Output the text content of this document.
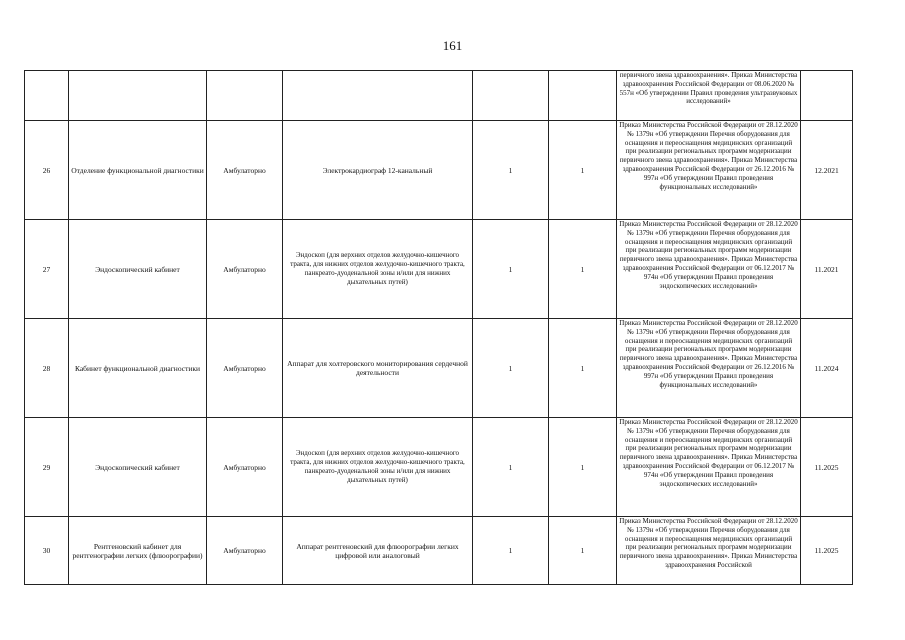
161
						первичного звена здравоохранения». Приказ Министерства здравоохранения Российской Федерации от 08.06.2020 № 557н «Об утверждении Правил проведения ультразвуковых исследований»	
26	Отделение функциональной диагностики	Амбулаторно	Электрокардиограф 12-канальный	1	1	Приказ Министерства Российской Федерации от 28.12.2020 № 1379н «Об утверждении Перечня оборудования для оснащения и переоснащения медицинских организаций при реализации региональных программ модернизации первичного звена здравоохранения». Приказ Министерства здравоохранения Российской Федерации от 26.12.2016 № 997н «Об утверждении Правил проведения функциональных исследований»	12.2021
27	Эндоскопический кабинет	Амбулаторно	Эндоскоп (для верхних отделов желудочно-кишечного тракта, для нижних отделов желудочно-кишечного тракта, панкреато-дуоденальной зоны и/или для нижних дыхательных путей)	1	1	Приказ Министерства Российской Федерации от 28.12.2020 № 1379н «Об утверждении Перечня оборудования для оснащения и переоснащения медицинских организаций при реализации региональных программ модернизации первичного звена здравоохранения». Приказ Министерства здравоохранения Российской Федерации от 06.12.2017 № 974н «Об утверждении Правил проведения эндоскопических исследований»	11.2021
28	Кабинет функциональной диагностики	Амбулаторно	Аппарат для холтеровского мониторирования сердечной деятельности	1	1	Приказ Министерства Российской Федерации от 28.12.2020 № 1379н «Об утверждении Перечня оборудования для оснащения и переоснащения медицинских организаций при реализации региональных программ модернизации первичного звена здравоохранения». Приказ Министерства здравоохранения Российской Федерации от 26.12.2016 № 997н «Об утверждении Правил проведения функциональных исследований»	11.2024
29	Эндоскопический кабинет	Амбулаторно	Эндоскоп (для верхних отделов желудочно-кишечного тракта, для нижних отделов желудочно-кишечного тракта, панкреато-дуоденальной зоны и/или для нижних дыхательных путей)	1	1	Приказ Министерства Российской Федерации от 28.12.2020 № 1379н «Об утверждении Перечня оборудования для оснащения и переоснащения медицинских организаций при реализации региональных программ модернизации первичного звена здравоохранения». Приказ Министерства здравоохранения Российской Федерации от 06.12.2017 № 974н «Об утверждении Правил проведения эндоскопических исследований»	11.2025
30	Рентгеновский кабинет для рентгенографии легких (флюорографии)	Амбулаторно	Аппарат рентгеновский для флюорографии легких цифровой или аналоговый	1	1	Приказ Министерства Российской Федерации от 28.12.2020 № 1379н «Об утверждении Перечня оборудования для оснащения и переоснащения медицинских организаций при реализации региональных программ модернизации первичного звена здравоохранения». Приказ Министерства здравоохранения Российской	11.2025
